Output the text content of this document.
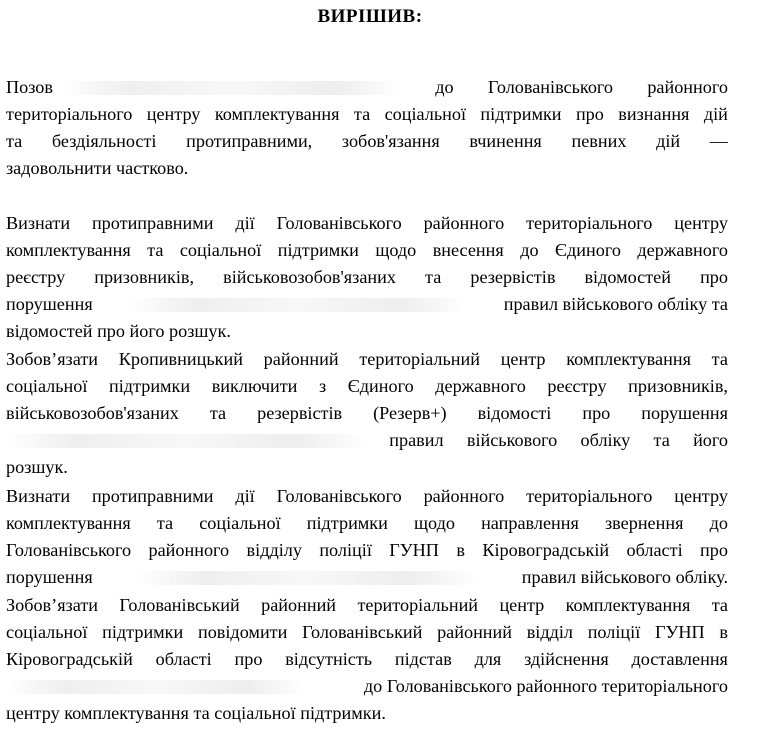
ВИРІШИВ:
Позов	до Голованівського районного
територіального центру комплектування та соціальної підтримки про визнання дій
та бездіяльності протиправними, зобов'язання вчинення певних дій —
задовольнити частково.
Визнати протиправними дії Голованівського районного територіального центру
комплектування та соціальної підтримки щодо внесення до Єдиного державного
реєстру призовників, військовозобов'язаних та резервістів відомостей про
порушення	правил військового обліку та
відомостей про його розшук.
Зобов’язати Кропивницький районний територіальний центр комплектування та
соціальної підтримки виключити з Єдиного державного реєстру призовників,
військовозобов'язаних та резервістів (Резерв+) відомості про порушення
правил військового обліку та його
розшук.
Визнати протиправними дії Голованівського районного територіального центру
комплектування та соціальної підтримки щодо направлення звернення до
Голованівського районного відділу поліції ГУНП в Кіровоградській області про
порушення	правил військового обліку.
Зобов’язати Голованівський районний територіальний центр комплектування та
соціальної підтримки повідомити Голованівський районний відділ поліції ГУНП в
Кіровоградській області про відсутність підстав для здійснення доставлення
до Голованівського районного територіального
центру комплектування та соціальної підтримки.
